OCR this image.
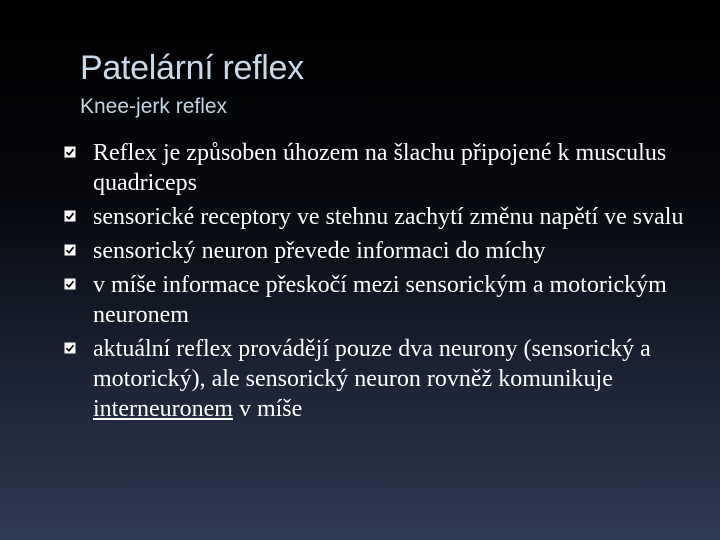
Patelární reflex
Knee-jerk reflex
Reflex je způsoben úhozem na šlachu připojené k musculus quadriceps
sensorické receptory ve stehnu zachytí změnu napětí ve svalu
sensorický neuron převede informaci do míchy
v míše informace přeskočí mezi sensorickým a motorickým neuronem
aktuální reflex provádějí pouze dva neurony (sensorický a motorický), ale sensorický neuron rovněž komunikuje interneuronem v míše
